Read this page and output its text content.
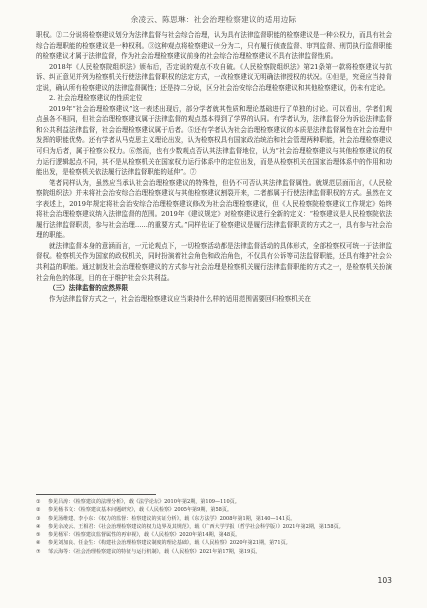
余凌云、陈思琳：社会治理检察建议的适用边际

职权。②二分说将检察建议划分为法律监督与社会综合治理，认为具有法律监督职能的检察建议是一种公权力，而具有社会综合治理职能的检察建议是一种权利。③这种观点将检察建议一分为二，只有履行侦查监督、审判监督、刑罚执行监督职能的检察建议才属于法律监督，作为社会治理检察建议前身的社会综合治理检察建议不具有法律监督性质。

2018年《人民检察院组织法》颁布后，否定说的观点不攻自破。《人民检察院组织法》第21条第一款将检察建议与抗诉、纠正意见并列为检察机关行使法律监督职权的法定方式，一改检察建议无明确法律授权的状况。④但是，究竟应当持肯定说，确认所有检察建议的法律监督属性；还是持二分说，区分社会治安综合治理检察建议和其他检察建议，仍未有定论。

2. 社会治理检察建议的性质定位

2019年“社会治理检察建议”这一表述出现后，部分学者就其性质和理论基础进行了单独的讨论。可以看出，学者们观点虽各不相同，但社会治理检察建议属于法律监督的观点基本得到了学界的认同。有学者认为，法律监督分为诉讼法律监督和公共利益法律监督，社会治理检察建议属于后者。⑤还有学者认为社会治理检察建议的本质是法律监督属性在社会治理中发挥的职能优势。还有学者从马克思主义理论出发，认为检察权具有国家政治统治和社会管理两种职能，社会治理检察建议可归为后者，属于检察公权力。⑥然而，也有少数观点否认其法律监督地位，认为“社会治理检察建议与其他检察建议的权力运行逻辑起点不同，其不是从检察机关在国家权力运行体系中的定位出发，而是从检察机关在国家治理体系中的作用和功能出发，是检察机关依法履行法律监督职能的延伸”。⑦

笔者同样认为，虽然应当承认社会治理检察建议的特殊性，但仍不可否认其法律监督属性。就规范层面而言，《人民检察院组织法》并未将社会治安综合治理检察建议与其他检察建议割裂开来，二者都属于行使法律监督职权的方式。虽然在文字表述上，2019年规定将社会治安综合治理检察建议修改为社会治理检察建议，但《人民检察院检察建议工作规定》始终将社会治理检察建议纳入法律监督的范围。2019年《建议规定》对检察建议进行全新的定义：“检察建议是人民检察院依法履行法律监督职责，参与社会治理……的重要方式。”同样佐证了检察建议是履行法律监督职责的方式之一，具有参与社会治理的职能。

就法律监督本身的意涵而言，一元论观点下，一切检察活动都是法律监督活动的具体形式，全部检察权可统一于法律监督权。检察机关作为国家的政权机关，同时扮演着社会角色和政治角色，不仅具有公诉等司法监督职能，还具有维护社会公共利益的职能。通过制发社会治理检察建议的方式参与社会治理是检察机关履行法律监督职能的方式之一，是检察机关扮演社会角色的体现，目的在于维护社会公共利益。

（三）法律监督的应然界限

作为法律监督方式之一，社会治理检察建议应当秉持什么样的适用范围需要回归检察机关在

① 参见吕涛：《检察建议的法理分析》，载《法学论坛》2010年第2期，第109—110页。

② 参见杨书文：《检察建议基本问题研究》，载《人民检察》2005年第9期，第58页。

③ 参见汤维建、李小东：《权力的监督：检察建议的实证分析》，载《东方法学》2008年第1期，第140—141页。

④ 参见余凌云、王相君：《社会治理检察建议的权力边界及其规范》，载《广西大学学报（哲学社会科学版）》2021年第2期，第158页。

⑤ 参见杨军：《检察建议监督属性的再审视》，载《人民检察》2020年第14期，第48页。

⑥ 参见刘加良、任金生：《构建社会治理检察建议制度的理论基础》，载《人民检察》2020年第21期，第71页。

⑦ 邹云海等：《社会治理检察建议的特征与运行机制》，载《人民检察》2021年第17期，第19页。

103
